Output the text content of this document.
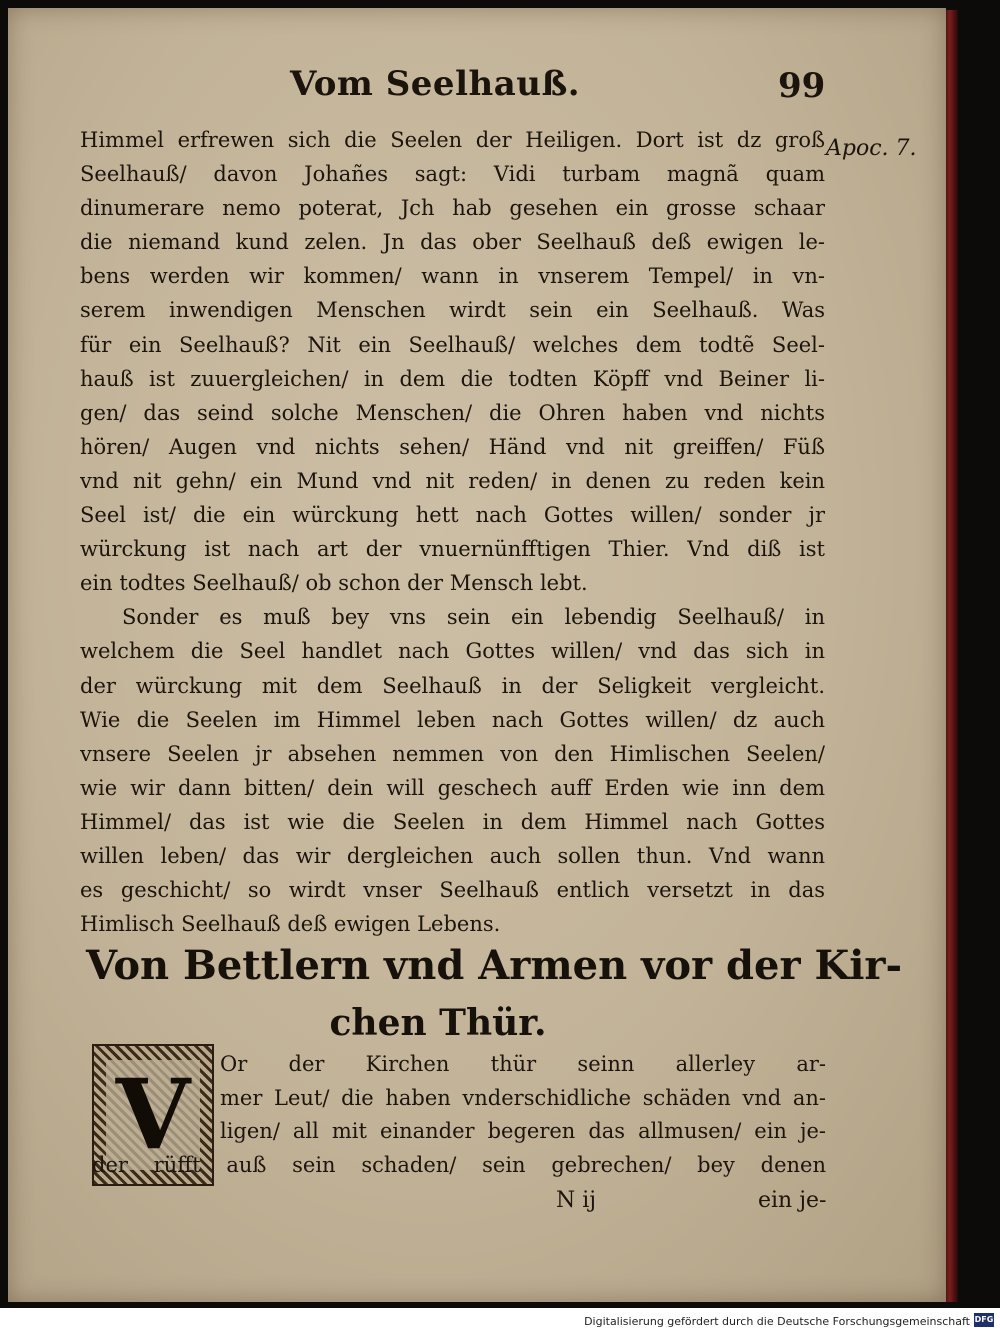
Vom Seelhauß.	99
Apoc. 7.
Himmel erfrewen sich die Seelen der Heiligen. Dort ist dz groß
Seelhauß/ davon Johañes sagt: Vidi turbam magnã quam
dinumerare nemo poterat, Jch hab gesehen ein grosse schaar
die niemand kund zelen. Jn das ober Seelhauß deß ewigen le-
bens werden wir kommen/ wann in vnserem Tempel/ in vn-
serem inwendigen Menschen wirdt sein ein Seelhauß. Was
für ein Seelhauß? Nit ein Seelhauß/ welches dem todtẽ Seel-
hauß ist zuuergleichen/ in dem die todten Köpff vnd Beiner li-
gen/ das seind solche Menschen/ die Ohren haben vnd nichts
hören/ Augen vnd nichts sehen/ Händ vnd nit greiffen/ Füß
vnd nit gehn/ ein Mund vnd nit reden/ in denen zu reden kein
Seel ist/ die ein würckung hett nach Gottes willen/ sonder jr
würckung ist nach art der vnuernünfftigen Thier. Vnd diß ist
ein todtes Seelhauß/ ob schon der Mensch lebt.
Sonder es muß bey vns sein ein lebendig Seelhauß/ in
welchem die Seel handlet nach Gottes willen/ vnd das sich in
der würckung mit dem Seelhauß in der Seligkeit vergleicht.
Wie die Seelen im Himmel leben nach Gottes willen/ dz auch
vnsere Seelen jr absehen nemmen von den Himlischen Seelen/
wie wir dann bitten/ dein will geschech auff Erden wie inn dem
Himmel/ das ist wie die Seelen in dem Himmel nach Gottes
willen leben/ das wir dergleichen auch sollen thun. Vnd wann
es geschicht/ so wirdt vnser Seelhauß entlich versetzt in das
Himlisch Seelhauß deß ewigen Lebens.
Von Bettlern vnd Armen vor der Kir-
chen Thür.
V	Or der Kirchen thür seinn allerley ar-
mer Leut/ die haben vnderschidliche schäden vnd an-
ligen/ all mit einander begeren das allmusen/ ein je-
der rüfft auß sein schaden/ sein gebrechen/ bey denen
N ij	ein je-
Digitalisierung gefördert durch die Deutsche Forschungsgemeinschaft DFG
